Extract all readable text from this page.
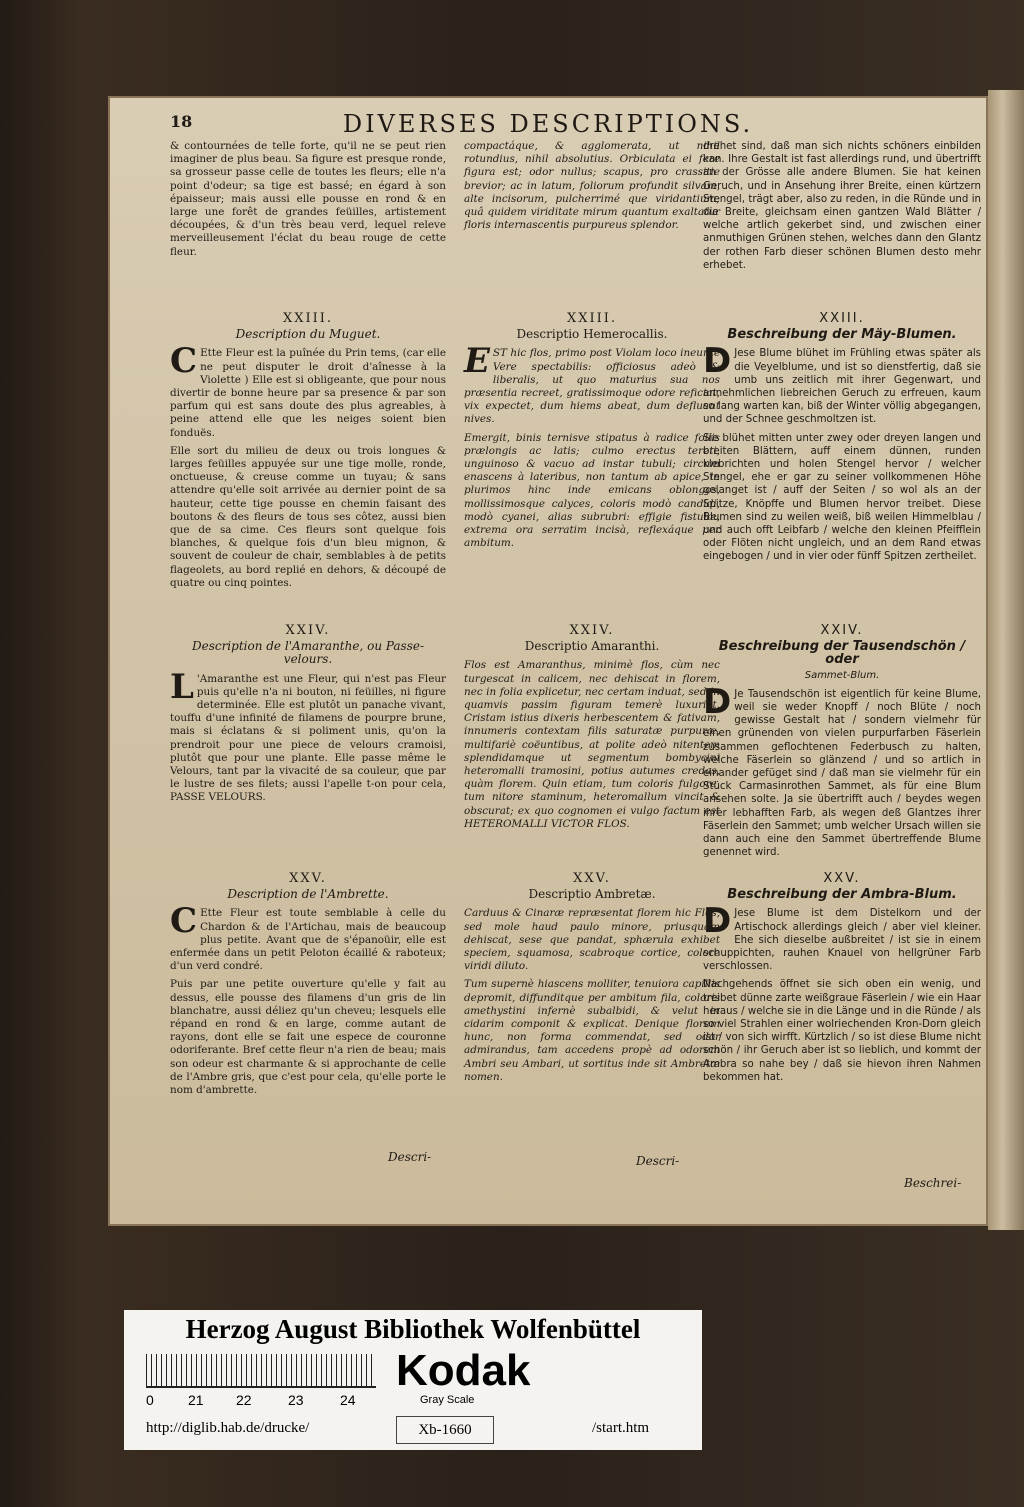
18	DIVERSES DESCRIPTIONS.

& contournées de telle forte, qu'il ne se peut rien imaginer de plus beau. Sa figure est presque ronde, sa grosseur passe celle de toutes les fleurs; elle n'a point d'odeur; sa tige est bassé; en égard à son épaisseur; mais aussi elle pousse en rond & en large une forêt de grandes feüilles, artistement découpées, & d'un très beau verd, lequel releve merveilleusement l'éclat du beau rouge de cette fleur.

XXIII.
Description du Muguet.

C Ette Fleur est la puînée du Prin tems, (car elle ne peut disputer le droit d'aînesse à la Violette ) Elle est si obligeante, que pour nous divertir de bonne heure par sa presence & par son parfum qui est sans doute des plus agreables, à peine attend elle que les neiges soient bien fonduës.

Elle sort du milieu de deux ou trois longues & larges feüilles appuyée sur une tige molle, ronde, onctueuse, & creuse comme un tuyau; & sans attendre qu'elle soit arrivée au dernier point de sa hauteur, cette tige pousse en chemin faisant des boutons & des fleurs de tous ses côtez, aussi bien que de sa cime. Ces fleurs sont quelque fois blanches, & quelque fois d'un bleu mignon, & souvent de couleur de chair, semblables à de petits flageolets, au bord replié en dehors, & découpé de quatre ou cinq pointes.

XXIV.
Description de l'Amaranthe, ou Passe-velours.

L 'Amaranthe est une Fleur, qui n'est pas Fleur puis qu'elle n'a ni bouton, ni feüilles, ni figure determinée. Elle est plutôt un panache vivant, touffu d'une infinité de filamens de pourpre brune, mais si éclatans & si poliment unis, qu'on la prendroit pour une piece de velours cramoisi, plutôt que pour une plante. Elle passe même le Velours, tant par la vivacité de sa couleur, que par le lustre de ses filets; aussi l'apelle t-on pour cela, PASSE VELOURS.

XXV.
Description de l'Ambrette.

C Ette Fleur est toute semblable à celle du Chardon & de l'Artichau, mais de beaucoup plus petite. Avant que de s'épanoüir, elle est enfermée dans un petit Peloton écaillé & raboteux; d'un verd condré.

Puis par une petite ouverture qu'elle y fait au dessus, elle pousse des filamens d'un gris de lin blanchatre, aussi déliez qu'un cheveu; lesquels elle répand en rond & en large, comme autant de rayons, dont elle se fait une espece de couronne odoriferante. Bref cette fleur n'a rien de beau; mais son odeur est charmante & si approchante de celle de l'Ambre gris, que c'est pour cela, qu'elle porte le nom d'ambrette.

Descri-

compactáque, & agglomerata, ut nihil rotundius, nihil absolutius. Orbiculata ei fere figura est; odor nullus; scapus, pro crassitie brevior; ac in latum, foliorum profundit silvam, alte incisorum, pulcherrimé que viridantium; quâ quidem viriditate mirum quantum exaltatur floris internascentis purpureus splendor.

XXIII.
Descriptio Hemerocallis.

EST hic flos, primo post Violam loco ineunte Vere spectabilis: officiosus adeò & liberalis, ut quo maturius sua nos præsentia recreet, gratissimoque odore reficiat, vix expectet, dum hiems abeat, dum defluant nives.

Emergit, binis ternisve stipatus à radice foliis prælongis ac latis; culmo erectus tereti, unguinoso & vacuo ad instar tubuli; circum enascens à lateribus, non tantum ab apice, in plurimos hinc inde emicans oblongos, mollissimosque calyces, coloris modò candidi, modò cyanei, alias subrubri: effigie fistulæ, extrema ora serratim incisà, reflexáque per ambitum.

XXIV.
Descriptio Amaranthi.

Flos est Amaranthus, minimè flos, cùm nec turgescat in calicem, nec dehiscat in florem, nec in folia explicetur, nec certam induat, sed in quamvis passim figuram temerè luxuriet. Cristam istius dixeris herbescentem & fativam, innumeris contextam filis saturatæ purpuræ, multifariè coëuntibus, at polite adeò nitentem splendidamque ut segmentum bombycini heteromalli tramosini, potius autumes credas, quàm florem. Quin etiam, tum coloris fulgore, tum nitore staminum, heteromallum vincit & obscurat; ex quo cognomen ei vulgo factum est HETEROMALLI VICTOR FLOS.

XXV.
Descriptio Ambretæ.

Carduus & Cinaræ repræsentat florem hic Flos, sed mole haud paulo minore, priusquam dehiscat, sese que pandat, sphærula exhibet speciem, squamosa, scabroque cortice, colore viridi diluto.

Tum supernè hiascens molliter, tenuiora capillis depromit, diffunditque per ambitum fila, coloris amethystini infernè subalbidi, & velut in cidarim componit & explicat. Denique florem hunc, non forma commendat, sed odor admirandus, tam accedens propè ad odorem Ambri seu Ambari, ut sortitus inde sit Ambretæ nomen.

Descri-

drehet sind, daß man sich nichts schöners einbilden kan. Ihre Gestalt ist fast allerdings rund, und übertrifft an der Grösse alle andere Blumen. Sie hat keinen Geruch, und in Ansehung ihrer Breite, einen kürtzern Stengel, trägt aber, also zu reden, in die Ründe und in die Breite, gleichsam einen gantzen Wald Blätter / welche artlich gekerbet sind, und zwischen einer anmuthigen Grünen stehen, welches dann den Glantz der rothen Farb dieser schönen Blumen desto mehr erhebet.

XXIII.
Beschreibung der Mäy-Blumen.

D Jese Blume blühet im Frühling etwas später als die Veyelblume, und ist so dienstfertig, daß sie umb uns zeitlich mit ihrer Gegenwart, und annehmlichen liebreichen Geruch zu erfreuen, kaum so lang warten kan, biß der Winter völlig abgegangen, und der Schnee geschmoltzen ist.

Sie blühet mitten unter zwey oder dreyen langen und breiten Blättern, auff einem dünnen, runden klebrichten und holen Stengel hervor / welcher Stengel, ehe er gar zu seiner vollkommenen Höhe gelanget ist / auff der Seiten / so wol als an der Spitze, Knöpffe und Blumen hervor treibet. Diese Blumen sind zu weilen weiß, biß weilen Himmelblau / und auch offt Leibfarb / welche den kleinen Pfeifflein oder Flöten nicht ungleich, und an dem Rand etwas eingebogen / und in vier oder fünff Spitzen zertheilet.

XXIV.
Beschreibung der Tausendschön / oder
Sammet-Blum.

D Je Tausendschön ist eigentlich für keine Blume, weil sie weder Knopff / noch Blüte / noch gewisse Gestalt hat / sondern vielmehr für einen grünenden von vielen purpurfarben Fäserlein zusammen geflochtenen Federbusch zu halten, welche Fäserlein so glänzend / und so artlich in einander gefüget sind / daß man sie vielmehr für ein Stück Carmasinrothen Sammet, als für eine Blum ansehen solte. Ja sie übertrifft auch / beydes wegen ihrer lebhafften Farb, als wegen deß Glantzes ihrer Fäserlein den Sammet; umb welcher Ursach willen sie dann auch eine den Sammet übertreffende Blume genennet wird.

XXV.
Beschreibung der Ambra-Blum.

D Jese Blume ist dem Distelkorn und der Artischock allerdings gleich / aber viel kleiner. Ehe sich dieselbe außbreitet / ist sie in einem schuppichten, rauhen Knauel von hellgrüner Farb verschlossen.

Nachgehends öffnet sie sich oben ein wenig, und treibet dünne zarte weißgraue Fäserlein / wie ein Haar heraus / welche sie in die Länge und in die Ründe / als so viel Strahlen einer wolriechenden Kron-Dorn gleich ist / von sich wirfft. Kürtzlich / so ist diese Blume nicht schön / ihr Geruch aber ist so lieblich, und kommt der Ambra so nahe bey / daß sie hievon ihren Nahmen bekommen hat.

Beschrei-
Herzog August Bibliothek Wolfenbüttel
0 21 22	23	24
Kodak
Gray Scale
http://diglib.hab.de/drucke/	Xb-1660	/start.htm
